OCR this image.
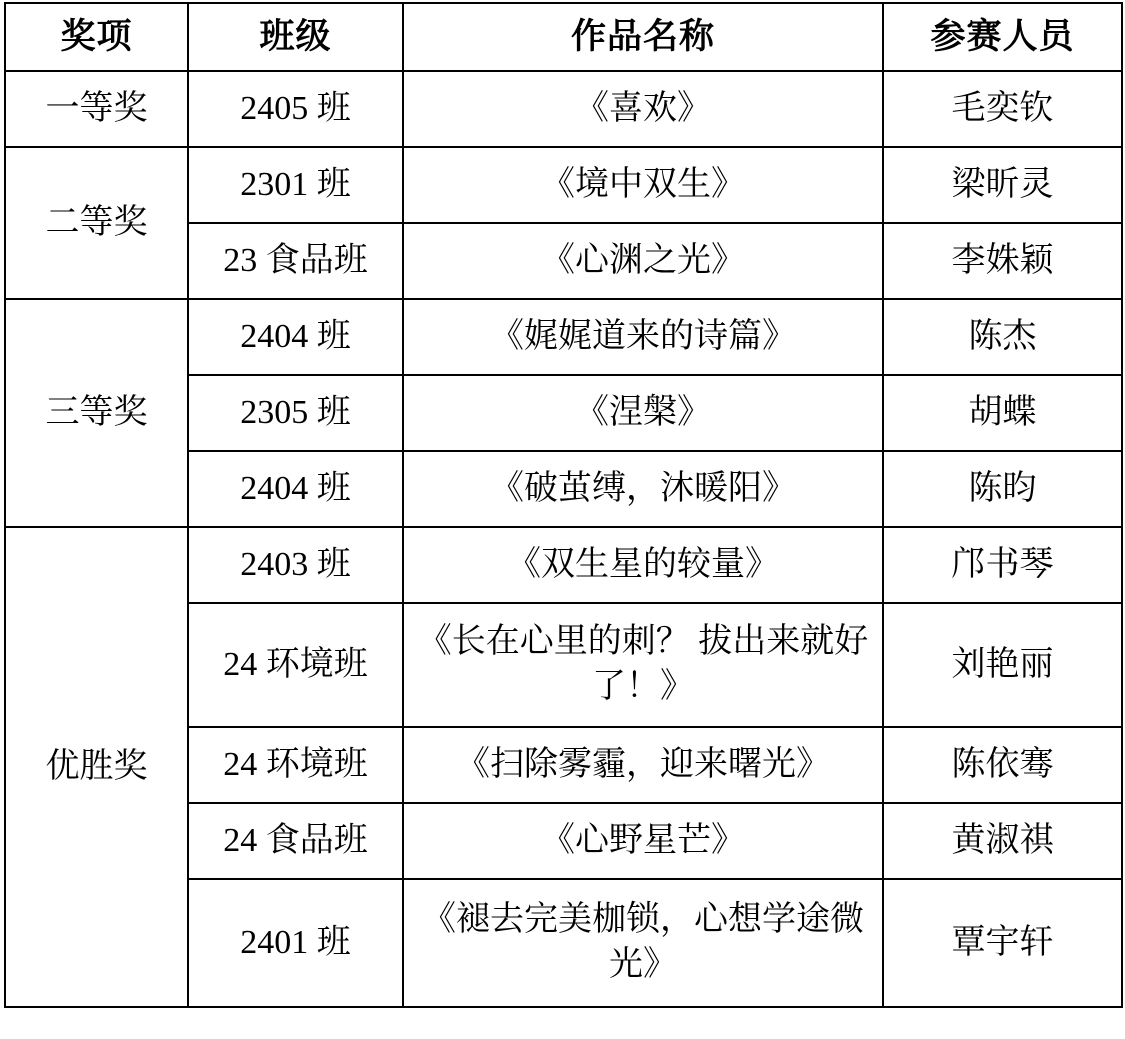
奖项	班级	作品名称	参赛人员
一等奖	2405 班	《喜欢》	毛奕钦
二等奖	2301 班	《境中双生》	梁昕灵
	23 食品班	《心渊之光》	李姝颖
三等奖	2404 班	《娓娓道来的诗篇》	陈杰
	2305 班	《涅槃》	胡蝶
	2404 班	《破茧缚，沐暖阳》	陈昀
优胜奖	2403 班	《双生星的较量》	邝书琴
	24 环境班	《长在心里的刺？ 拔出来就好了！》	刘艳丽
	24 环境班	《扫除雾霾，迎来曙光》	陈依骞
	24 食品班	《心野星芒》	黄淑祺
	2401 班	《褪去完美枷锁，心想学途微光》	覃宇轩
